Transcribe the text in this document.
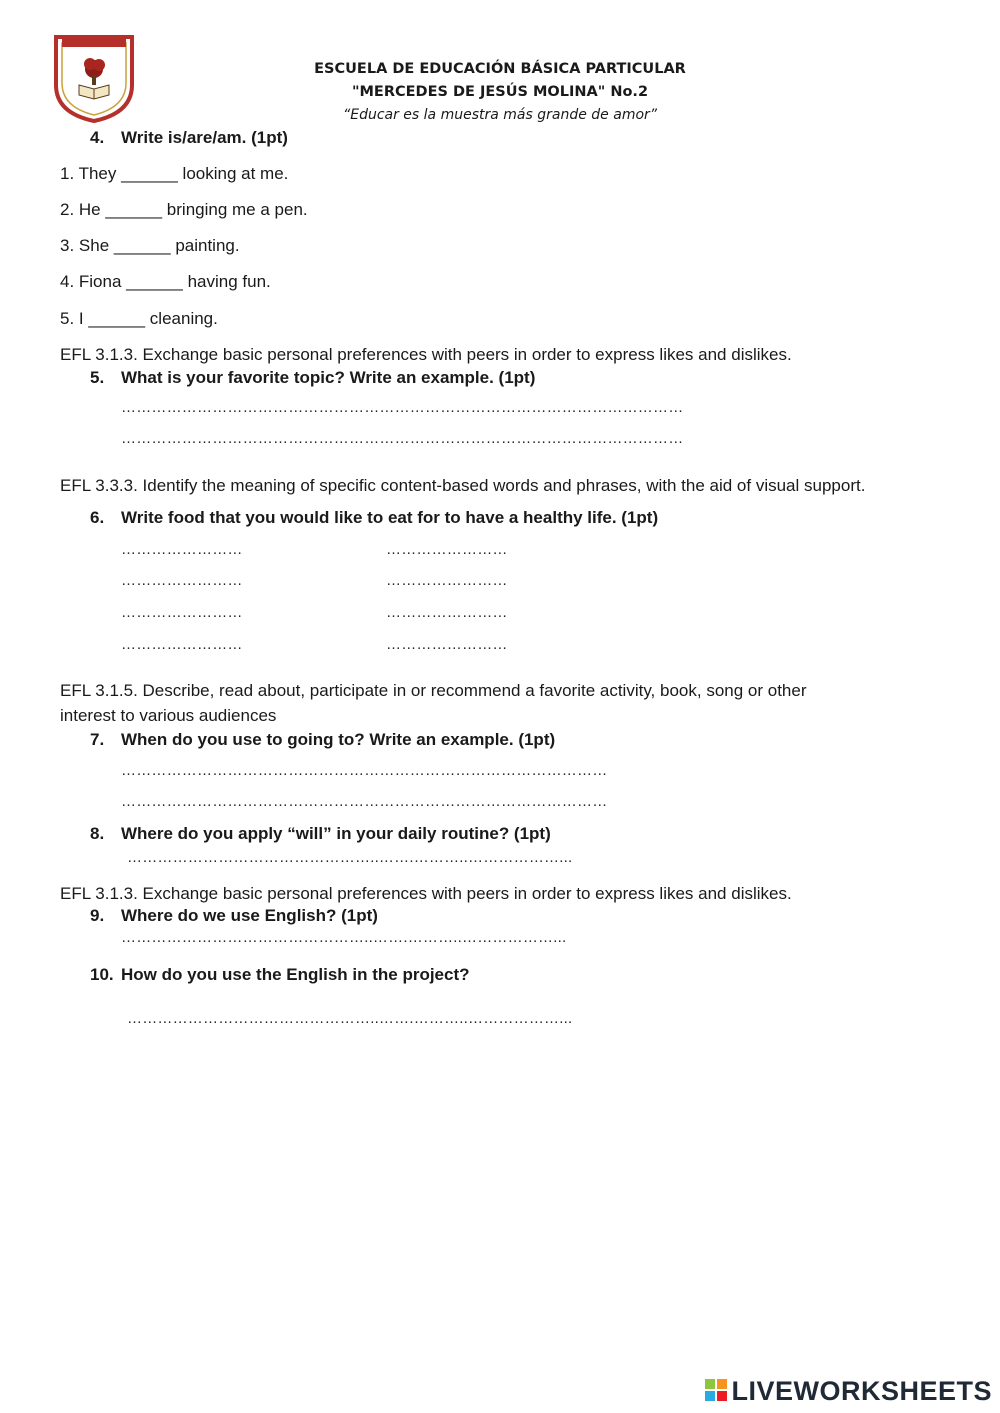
ESCUELA DE EDUCACIÓN BÁSICA PARTICULAR
"MERCEDES DE JESÚS MOLINA" No.2
“Educar es la muestra más grande de amor”
4. Write is/are/am. (1pt)
1. They ______ looking at me.
2. He ______ bringing me a pen.
3. She ______ painting.
4. Fiona ______ having fun.
5. I ______ cleaning.
EFL 3.1.3. Exchange basic personal preferences with peers in order to express likes and dislikes.
5. What is your favorite topic? Write an example. (1pt)
…………………………………………………………………………………………………
…………………………………………………………………………………………………
EFL 3.3.3. Identify the meaning of specific content-based words and phrases, with the aid of visual support.
6. Write food that you would like to eat for to have a healthy life. (1pt)
……………………	……………………
……………………	……………………
……………………	……………………
……………………	……………………
EFL 3.1.5. Describe, read about, participate in or recommend a favorite activity, book, song or other
interest to various audiences
7. When do you use to going to? Write an example. (1pt)
……………………………………………………………………………………
……………………………………………………………………………………
8. Where do you apply “will” in your daily routine? (1pt)
…………………………………………..…….………..………………...
EFL 3.1.3. Exchange basic personal preferences with peers in order to express likes and dislikes.
9. Where do we use English? (1pt)
…………………………………………..…….………..………………...
10. How do you use the English in the project?
…………………………………………..…….………..………………...
LIVEWORKSHEETS
